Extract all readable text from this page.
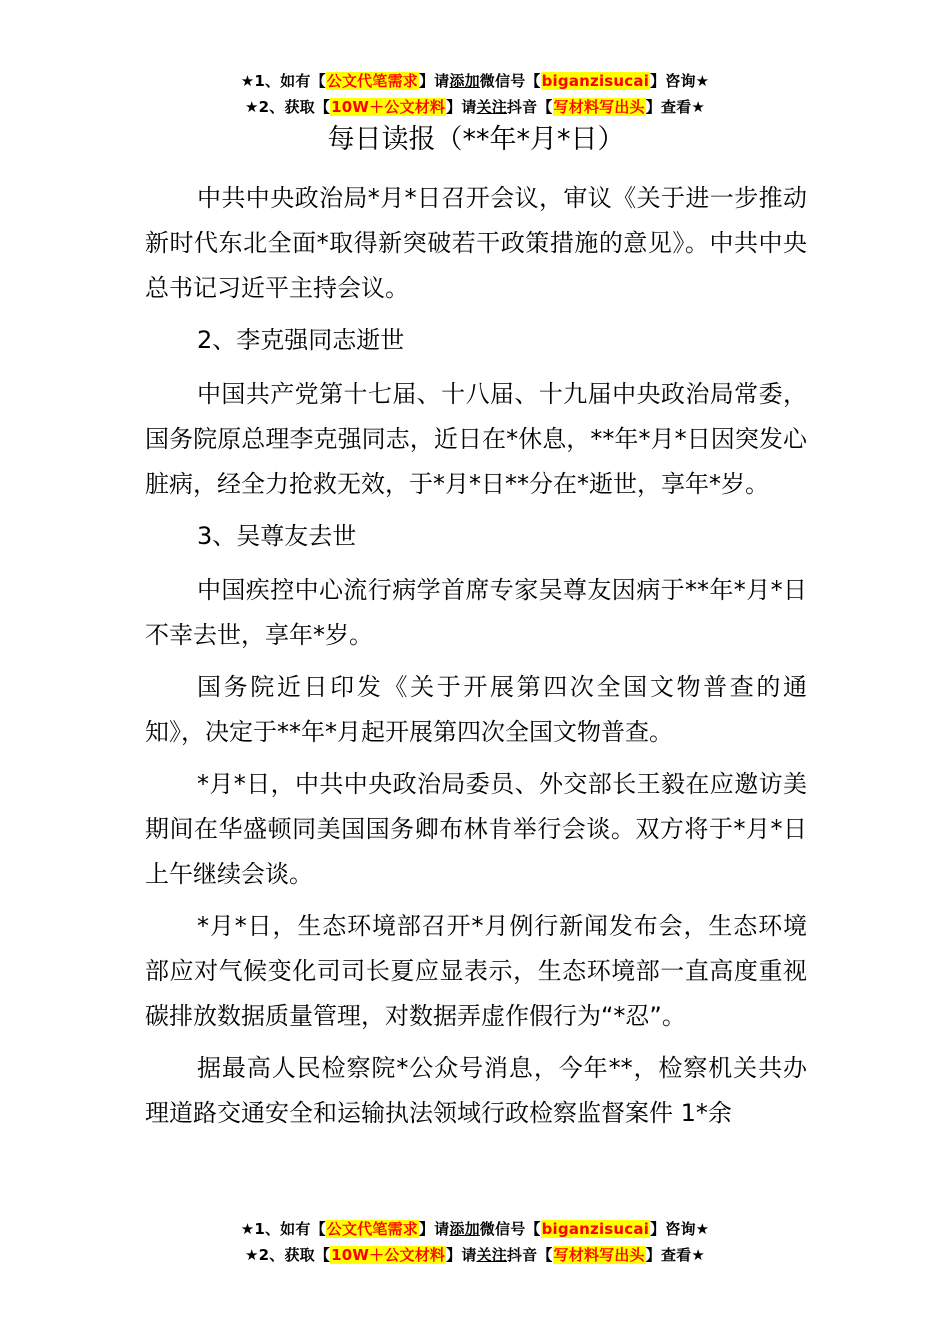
★1、如有【公文代笔需求】请添加微信号【biganzisucai】咨询★
★2、获取【10W＋公文材料】请关注抖音【写材料写出头】查看★
每日读报（**年*月*日）

中共中央政治局*月*日召开会议，审议《关于进一步推动新时代东北全面*取得新突破若干政策措施的意见》。中共中央总书记习近平主持会议。

2、李克强同志逝世

中国共产党第十七届、十八届、十九届中央政治局常委，国务院原总理李克强同志，近日在*休息，**年*月*日因突发心脏病，经全力抢救无效，于*月*日**分在*逝世，享年*岁。

3、吴尊友去世

中国疾控中心流行病学首席专家吴尊友因病于**年*月*日不幸去世，享年*岁。

国务院近日印发《关于开展第四次全国文物普查的通知》，决定于**年*月起开展第四次全国文物普查。

*月*日，中共中央政治局委员、外交部长王毅在应邀访美期间在华盛顿同美国国务卿布林肯举行会谈。双方将于*月*日上午继续会谈。

*月*日，生态环境部召开*月例行新闻发布会，生态环境部应对气候变化司司长夏应显表示，生态环境部一直高度重视碳排放数据质量管理，对数据弄虚作假行为“*忍”。

据最高人民检察院*公众号消息，今年**，检察机关共办理道路交通安全和运输执法领域行政检察监督案件 1*余

★1、如有【公文代笔需求】请添加微信号【biganzisucai】咨询★
★2、获取【10W＋公文材料】请关注抖音【写材料写出头】查看★
